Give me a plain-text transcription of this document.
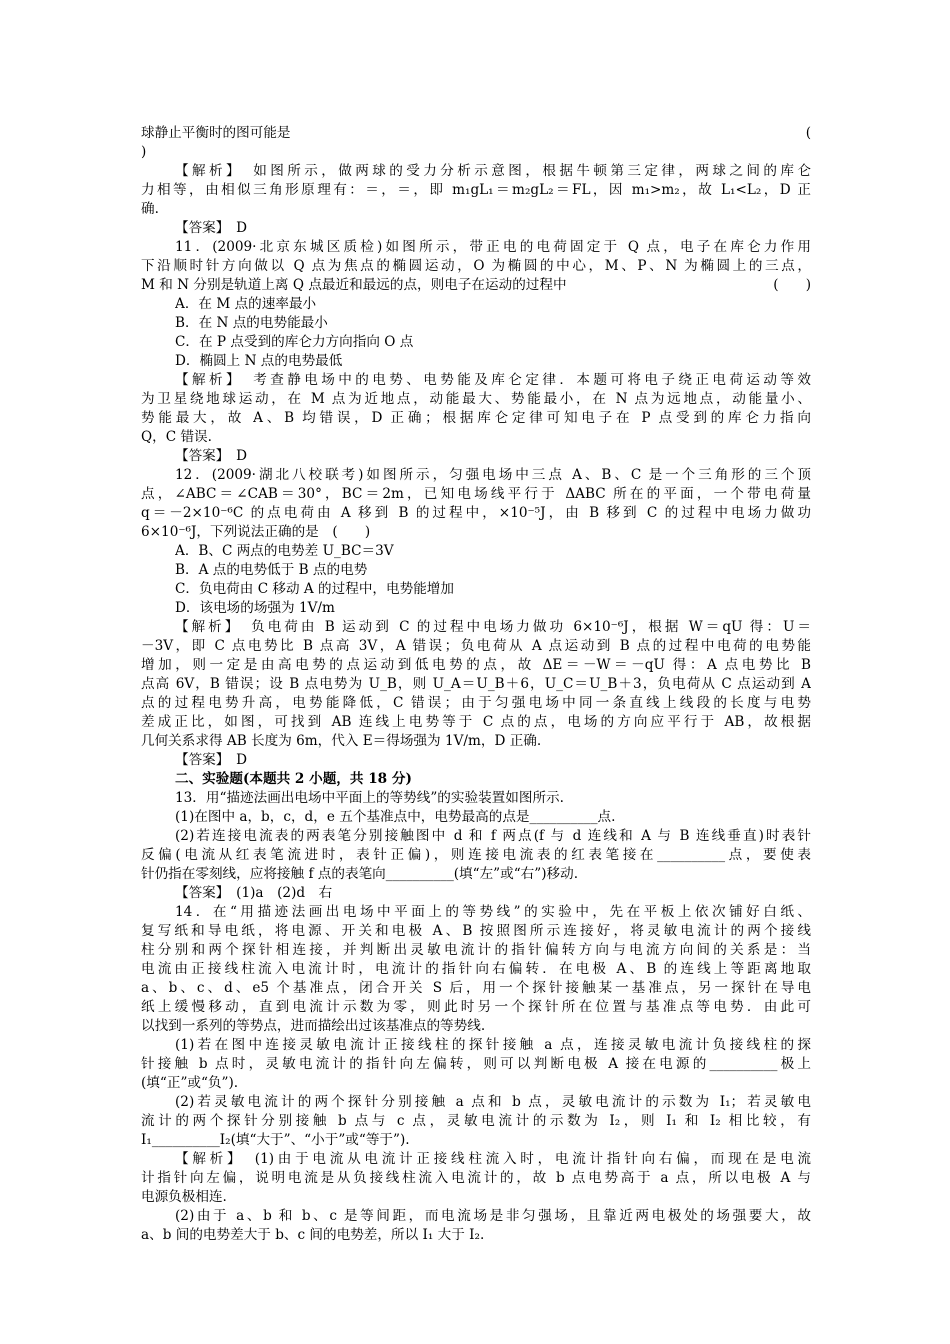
球静止平衡时的图可能是	(
)
【解析】　如图所示，做两球的受力分析示意图，根据牛顿第三定律，两球之间的库仑
力相等，由相似三角形原理有：＝，＝，即 m₁gL₁＝m₂gL₂＝FL，因 m₁>m₂，故 L₁<L₂，D 正
确.
【答案】　D
11．(2009·北京东城区质检)如图所示，带正电的电荷固定于 Q 点，电子在库仑力作用
下沿顺时针方向做以 Q 点为焦点的椭圆运动，O 为椭圆的中心，M、P、N 为椭圆上的三点，
M 和 N 分别是轨道上离 Q 点最近和最远的点，则电子在运动的过程中	(　　)
A．在 M 点的速率最小
B．在 N 点的电势能最小
C．在 P 点受到的库仑力方向指向 O 点
D．椭圆上 N 点的电势最低
【解析】　考查静电场中的电势、电势能及库仑定律．本题可将电子绕正电荷运动等效
为卫星绕地球运动，在 M 点为近地点，动能最大、势能最小，在 N 点为远地点，动能量小、
势能最大，故 A、B 均错误，D 正确；根据库仑定律可知电子在 P 点受到的库仑力指向
Q，C 错误.
【答案】　D
12．(2009·湖北八校联考)如图所示，匀强电场中三点 A、B、C 是一个三角形的三个顶
点，∠ABC＝∠CAB＝30°，BC＝2m，已知电场线平行于 ΔABC 所在的平面，一个带电荷量
q＝－2×10⁻⁶C 的点电荷由 A 移到 B 的过程中，×10⁻⁵J，由 B 移到 C 的过程中电场力做功
6×10⁻⁶J，下列说法正确的是　(　　)
A．B、C 两点的电势差 U_BC＝3V
B．A 点的电势低于 B 点的电势
C．负电荷由 C 移动 A 的过程中，电势能增加
D．该电场的场强为 1V/m
【解析】　负电荷由 B 运动到 C 的过程中电场力做功 6×10⁻⁶J，根据 W＝qU 得：U＝
－3V，即 C 点电势比 B 点高 3V，A 错误；负电荷从 A 点运动到 B 点的过程中电荷的电势能
增加，则一定是由高电势的点运动到低电势的点，故 ΔE＝－W＝－qU 得：A 点电势比 B
点高 6V，B 错误；设 B 点电势为 U_B，则 U_A＝U_B＋6，U_C＝U_B＋3，负电荷从 C 点运动到 A
点的过程电势升高，电势能降低，C 错误；由于匀强电场中同一条直线上线段的长度与电势
差成正比，如图，可找到 AB 连线上电势等于 C 点的点，电场的方向应平行于 AB，故根据
几何关系求得 AB 长度为 6m，代入 E＝得场强为 1V/m，D 正确.
【答案】　D
二、实验题(本题共 2 小题，共 18 分)
13．用“描迹法画出电场中平面上的等势线”的实验装置如图所示.
(1)在图中 a，b，c，d，e 五个基准点中，电势最高的点是__________点.
(2)若连接电流表的两表笔分别接触图中 d 和 f 两点(f 与 d 连线和 A 与 B 连线垂直)时表针
反偏(电流从红表笔流进时，表针正偏)，则连接电流表的红表笔接在__________点，要使表
针仍指在零刻线，应将接触 f 点的表笔向__________(填“左”或“右”)移动.
【答案】　(1)a　(2)d　右
14．在“用描迹法画出电场中平面上的等势线”的实验中，先在平板上依次铺好白纸、
复写纸和导电纸，将电源、开关和电极 A、B 按照图所示连接好，将灵敏电流计的两个接线
柱分别和两个探针相连接，并判断出灵敏电流计的指针偏转方向与电流方向间的关系是：当
电流由正接线柱流入电流计时，电流计的指针向右偏转．在电极 A、B 的连线上等距离地取
a、b、c、d、e5 个基准点，闭合开关 S 后，用一个探针接触某一基准点，另一探针在导电
纸上缓慢移动，直到电流计示数为零，则此时另一个探针所在位置与基准点等电势．由此可
以找到一系列的等势点，进而描绘出过该基准点的等势线.
(1)若在图中连接灵敏电流计正接线柱的探针接触 a 点，连接灵敏电流计负接线柱的探
针接触 b 点时，灵敏电流计的指针向左偏转，则可以判断电极 A 接在电源的__________极上
(填“正”或“负”).
(2)若灵敏电流计的两个探针分别接触 a 点和 b 点，灵敏电流计的示数为 I₁；若灵敏电
流计的两个探针分别接触 b 点与 c 点，灵敏电流计的示数为 I₂，则 I₁ 和 I₂ 相比较，有
I₁__________I₂(填“大于”、“小于”或“等于”).
【解析】　(1)由于电流从电流计正接线柱流入时，电流计指针向右偏，而现在是电流
计指针向左偏，说明电流是从负接线柱流入电流计的，故 b 点电势高于 a 点，所以电极 A 与
电源负极相连.
(2)由于 a、b 和 b、c 是等间距，而电流场是非匀强场，且靠近两电极处的场强要大，故
a、b 间的电势差大于 b、c 间的电势差，所以 I₁ 大于 I₂.
